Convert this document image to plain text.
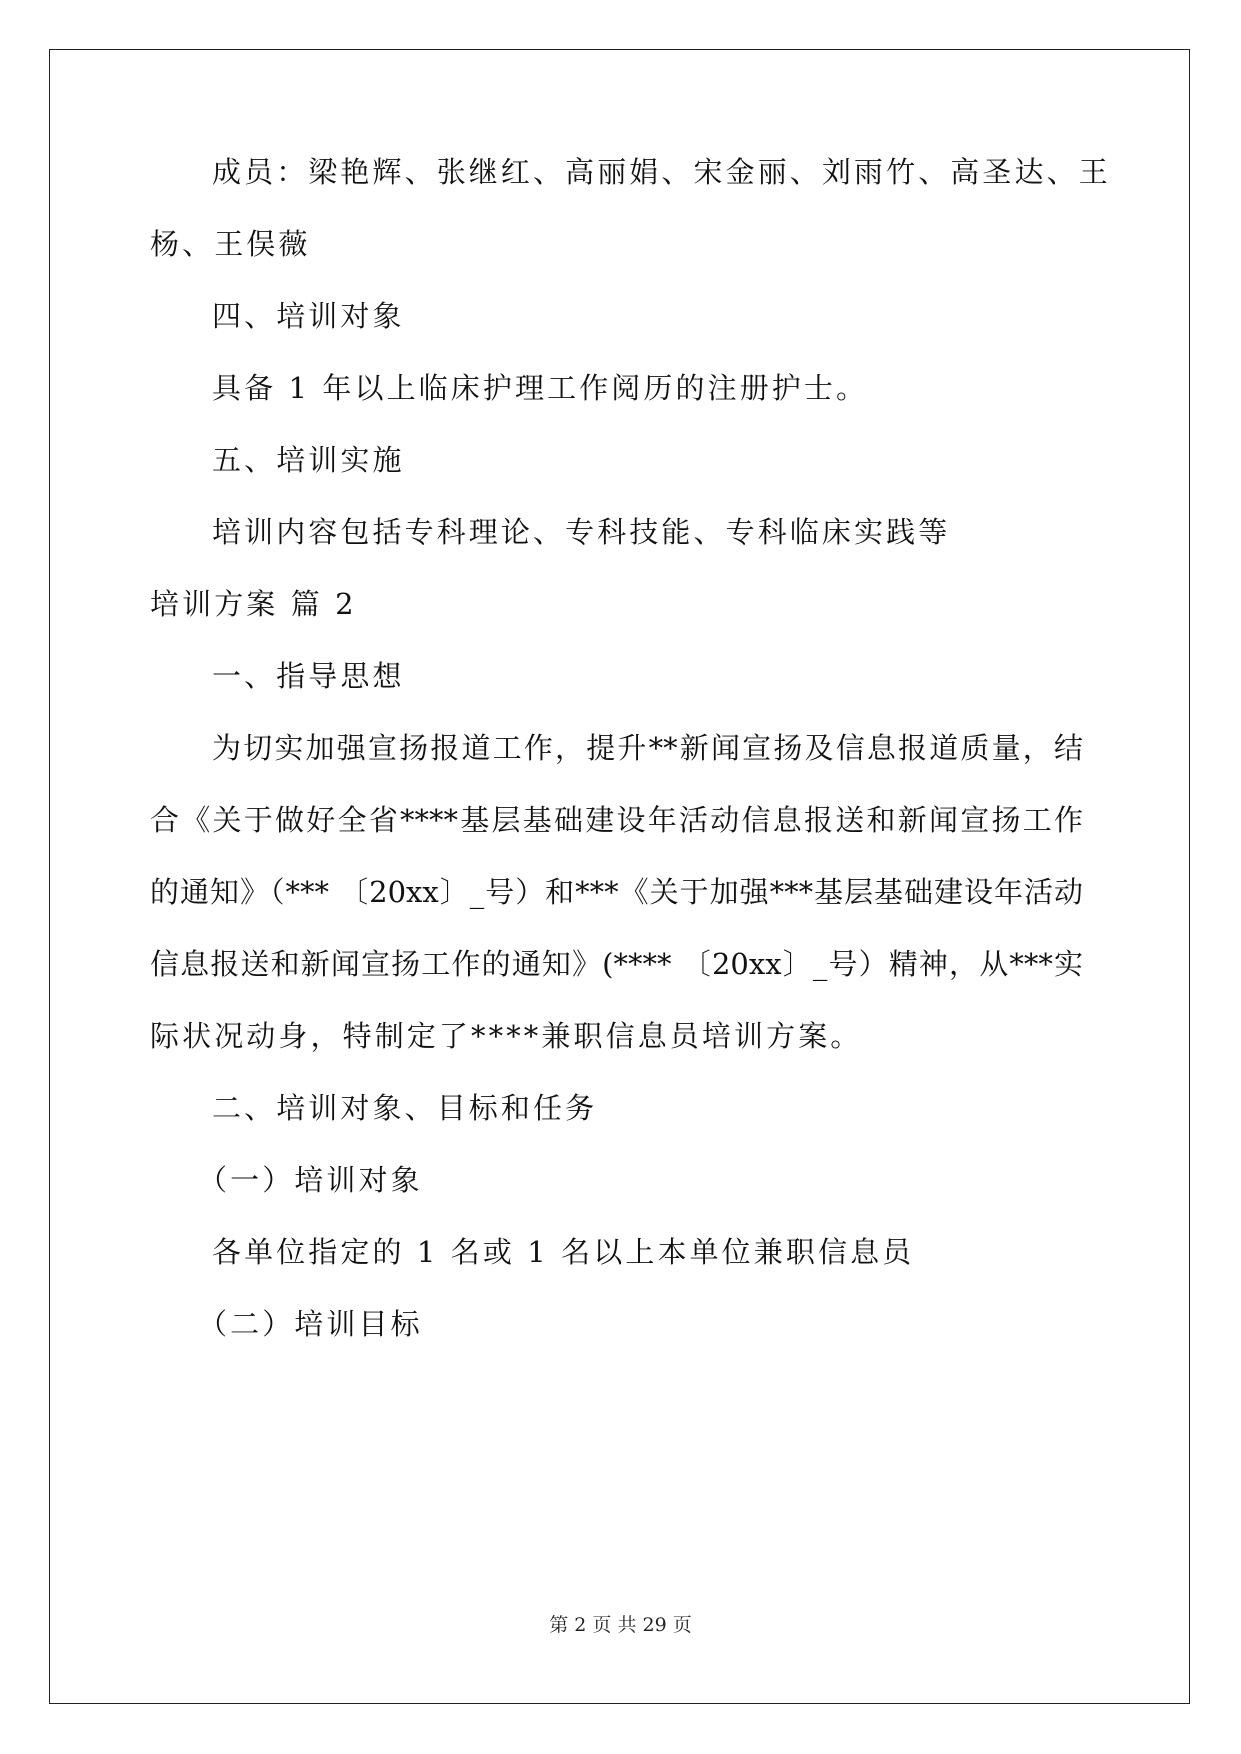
成员：梁艳辉、张继红、高丽娟、宋金丽、刘雨竹、高圣达、王
杨、王俣薇
四、培训对象
具备 1 年以上临床护理工作阅历的注册护士。
五、培训实施
培训内容包括专科理论、专科技能、专科临床实践等
培训方案 篇 2
一、指导思想
为切实加强宣扬报道工作，提升**新闻宣扬及信息报道质量，结
合《关于做好全省****基层基础建设年活动信息报送和新闻宣扬工作
的通知》（*** 〔20xx〕_号）和***《关于加强***基层基础建设年活动
信息报送和新闻宣扬工作的通知》(**** 〔20xx〕_号）精神，从***实
际状况动身，特制定了****兼职信息员培训方案。
二、培训对象、目标和任务
（一）培训对象
各单位指定的 1 名或 1 名以上本单位兼职信息员
（二）培训目标
第 2 页 共 29 页
